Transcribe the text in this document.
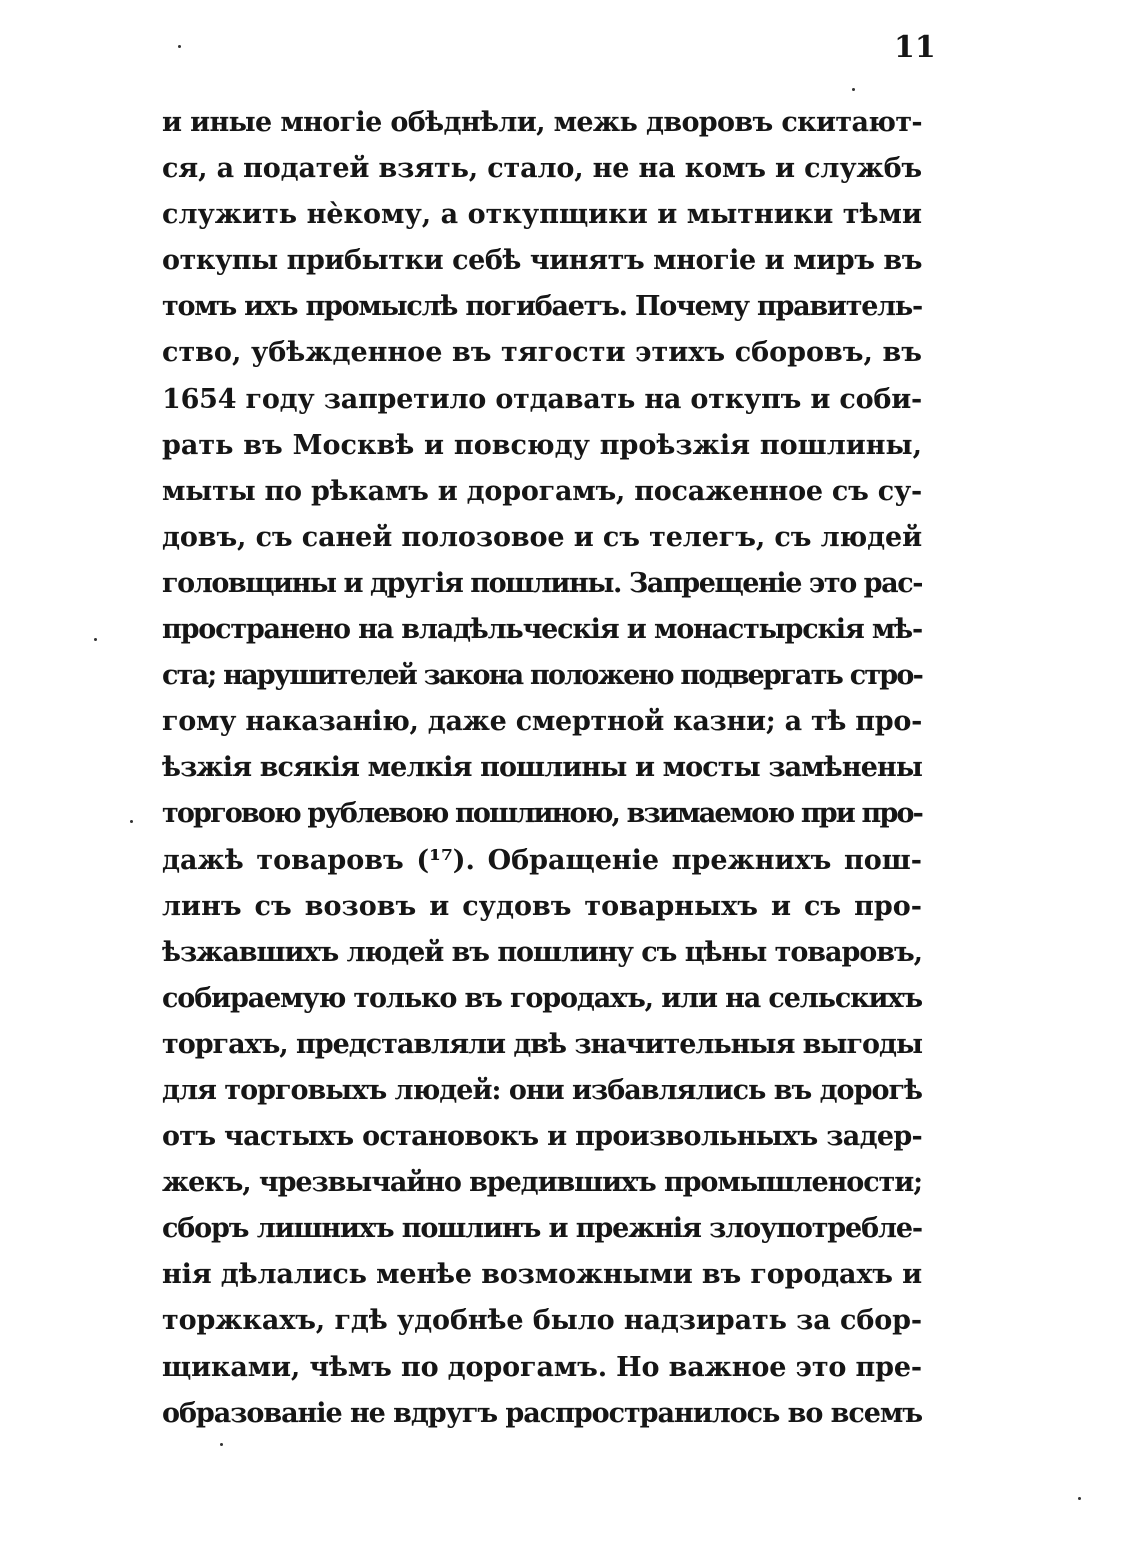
11
и иные многіе обѣднѣли, межь дворовъ скитают-
ся, а податей взять, стало, не на комъ и службъ
служить нѐкому, а откупщики и мытники тѣми
откупы прибытки себѣ чинятъ многіе и миръ въ
томъ ихъ промыслѣ погибаетъ. Почему правитель-
ство, убѣжденное въ тягости этихъ сборовъ, въ
1654 году запретило отдавать на откупъ и соби-
рать въ Москвѣ и повсюду проѣзжія пошлины,
мыты по рѣкамъ и дорогамъ, посаженное съ су-
довъ, съ саней полозовое и съ телегъ, съ людей
головщины и другія пошлины. Запрещеніе это рас-
пространено на владѣльческія и монастырскія мѣ-
ста; нарушителей закона положено подвергать стро-
гому наказанію, даже смертной казни; а тѣ про-
ѣзжія всякія мелкія пошлины и мосты замѣнены
торговою рублевою пошлиною, взимаемою при про-
дажѣ товаровъ (¹⁷). Обращеніе прежнихъ пош-
линъ съ возовъ и судовъ товарныхъ и съ про-
ѣзжавшихъ людей въ пошлину съ цѣны товаровъ,
собираемую только въ городахъ, или на сельскихъ
торгахъ, представляли двѣ значительныя выгоды
для торговыхъ людей: они избавлялись въ дорогѣ
отъ частыхъ остановокъ и произвольныхъ задер-
жекъ, чрезвычайно вредившихъ промышлености;
сборъ лишнихъ пошлинъ и прежнія злоупотребле-
нія дѣлались менѣе возможными въ городахъ и
торжкахъ, гдѣ удобнѣе было надзирать за сбор-
щиками, чѣмъ по дорогамъ. Но важное это пре-
образованіе не вдругъ распространилось во всемъ
